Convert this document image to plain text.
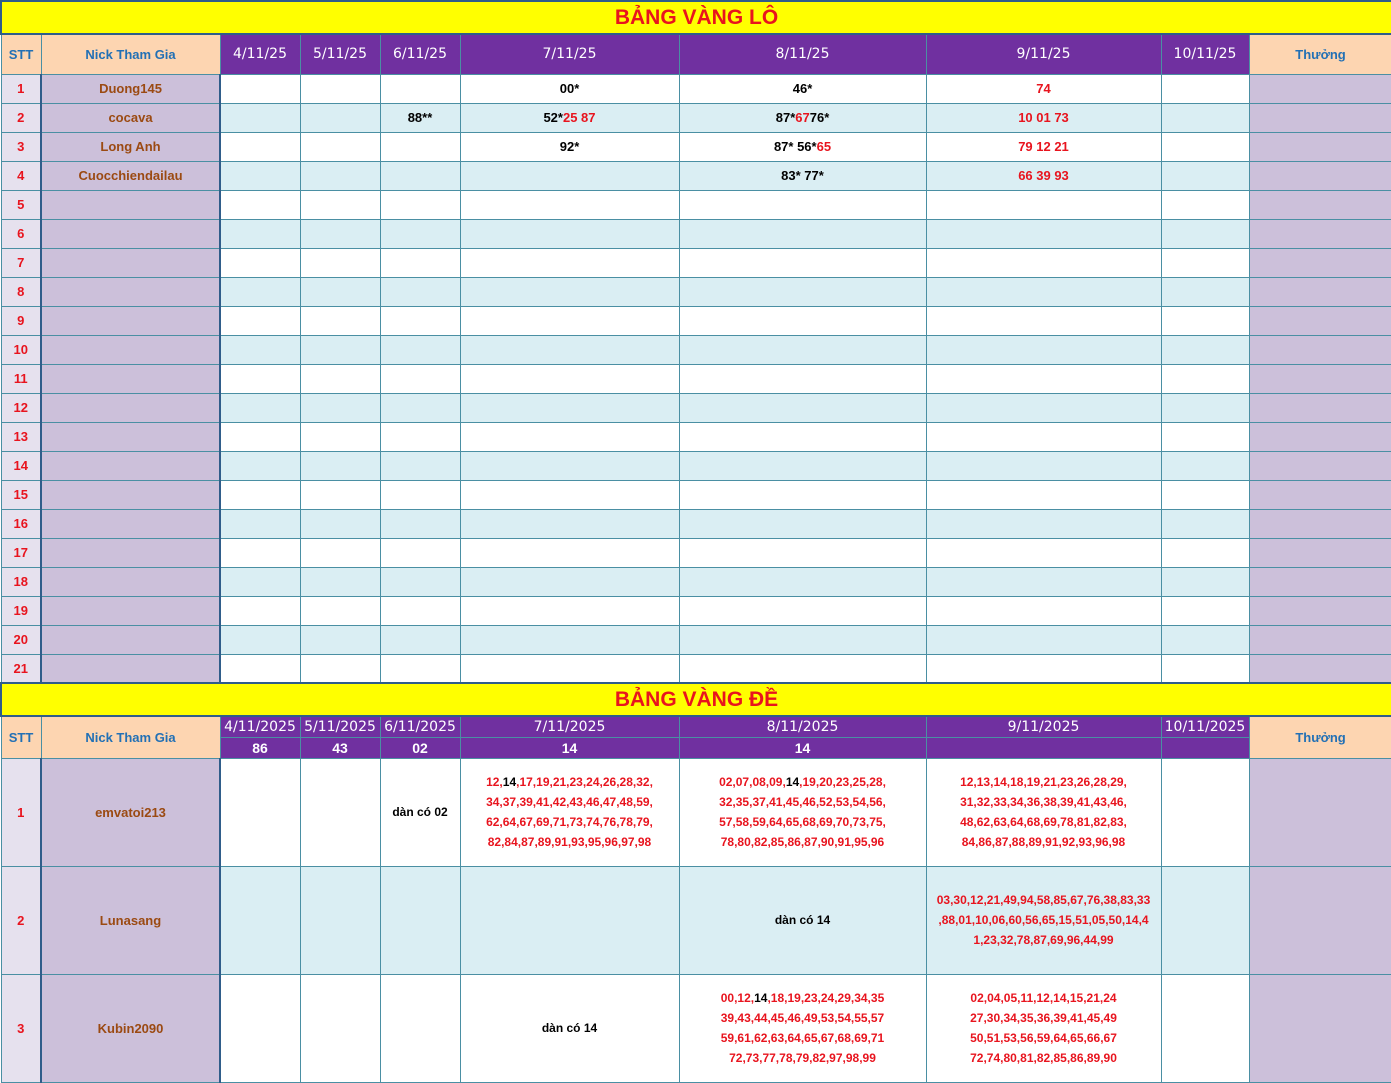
BẢNG VÀNG LÔ									
STT	Nick Tham Gia	4/11/25	5/11/25	6/11/25	7/11/25	8/11/25	9/11/25	10/11/25	Thưởng
1	Duong145				00*	46*	74		
2	cocava			88**	52*25 87	87*6776*	10 01 73		
3	Long Anh				92*	87* 56*65	79 12 21		
4	Cuocchiendailau					83* 77*	66 39 93		
5									
6									
7									
8									
9									
10									
11									
12									
13									
14									
15									
16									
17									
18									
19									
20									
21									
BẢNG VÀNG ĐỀ									
STT	Nick Tham Gia	4/11/2025	5/11/2025	6/11/2025	7/11/2025	8/11/2025	9/11/2025	10/11/2025	Thưởng
		86	43	02	14	14			
1	emvatoi213			dàn có 02	12,14,17,19,21,23,24,26,28,32,
34,37,39,41,42,43,46,47,48,59,
62,64,67,69,71,73,74,76,78,79,
82,84,87,89,91,93,95,96,97,98	02,07,08,09,14,19,20,23,25,28,
32,35,37,41,45,46,52,53,54,56,
57,58,59,64,65,68,69,70,73,75,
78,80,82,85,86,87,90,91,95,96	12,13,14,18,19,21,23,26,28,29,
31,32,33,34,36,38,39,41,43,46,
48,62,63,64,68,69,78,81,82,83,
84,86,87,88,89,91,92,93,96,98		
2	Lunasang					dàn có 14	03,30,12,21,49,94,58,85,67,76,38,83,33
,88,01,10,06,60,56,65,15,51,05,50,14,4
1,23,32,78,87,69,96,44,99		
3	Kubin2090				dàn có 14	00,12,14,18,19,23,24,29,34,35
39,43,44,45,46,49,53,54,55,57
59,61,62,63,64,65,67,68,69,71
72,73,77,78,79,82,97,98,99	02,04,05,11,12,14,15,21,24
27,30,34,35,36,39,41,45,49
50,51,53,56,59,64,65,66,67
72,74,80,81,82,85,86,89,90		
